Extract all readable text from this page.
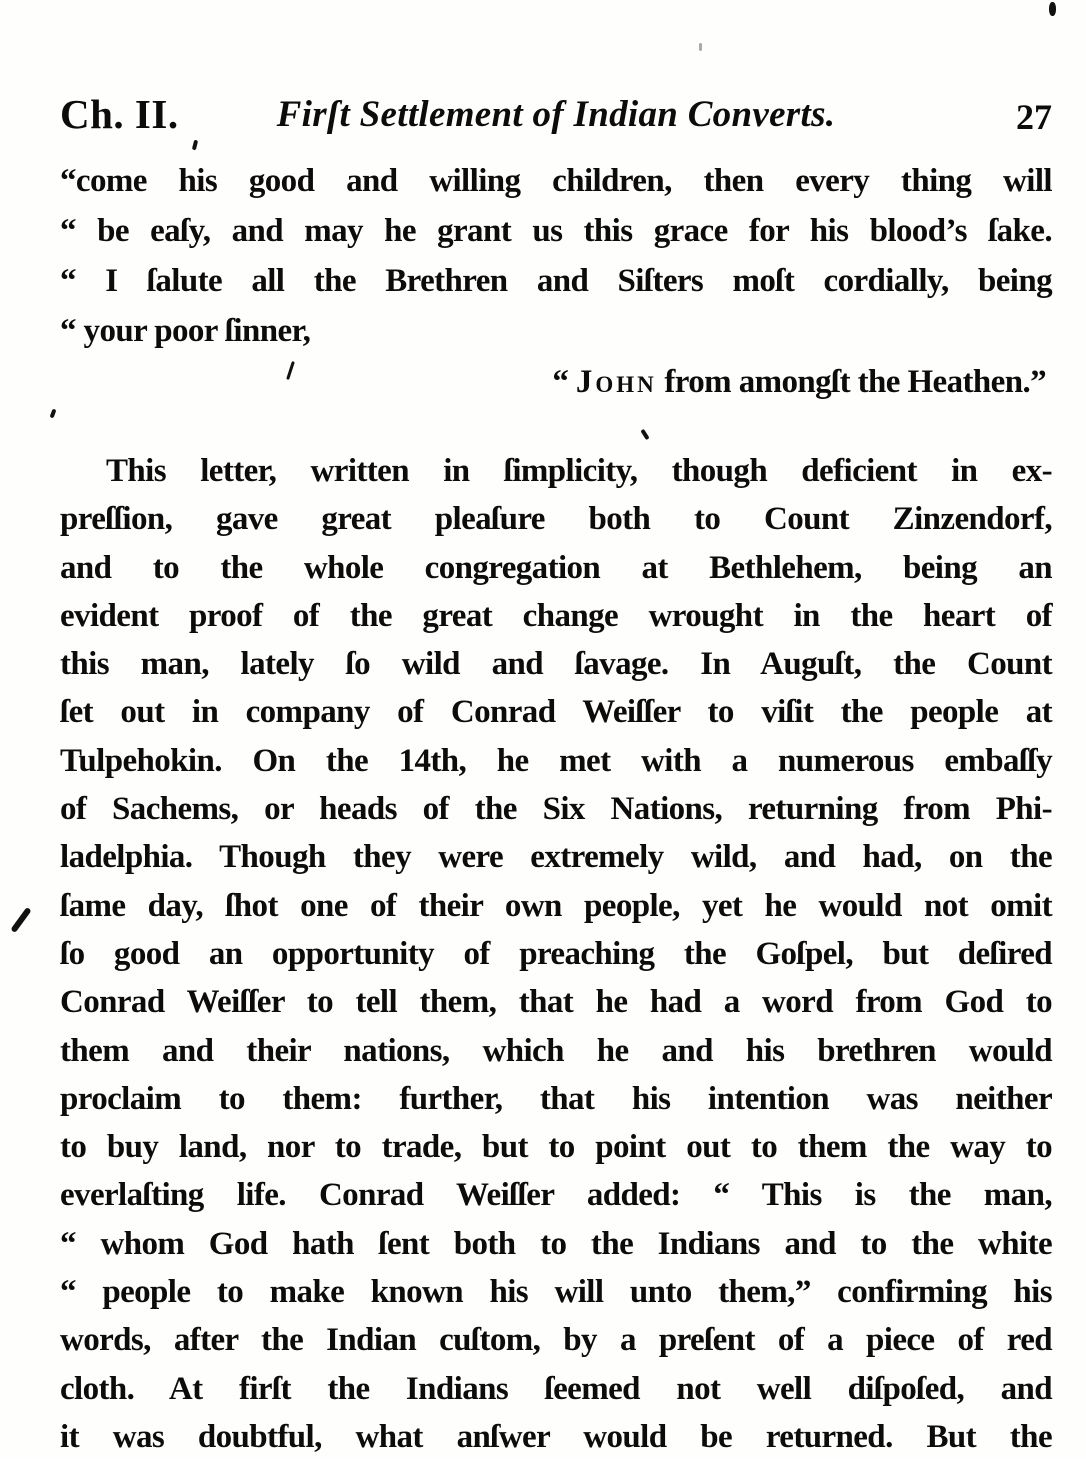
Ch. II.	Firſt Settlement of Indian Converts.	27
“come his good and willing children, then every thing will
“ be eaſy, and may he grant us this grace for his blood’s ſake.
“ I ſalute all the Brethren and Siſters moſt cordially, being
“ your poor ſinner,
“ John from amongſt the Heathen.”
This letter, written in ſimplicity, though deficient in ex-
preſſion, gave great pleaſure both to Count Zinzendorf,
and to the whole congregation at Bethlehem, being an
evident proof of the great change wrought in the heart of
this man, lately ſo wild and ſavage. In Auguſt, the Count
ſet out in company of Conrad Weiſſer to viſit the people at
Tulpehokin. On the 14th, he met with a numerous embaſſy
of Sachems, or heads of the Six Nations, returning from Phi-
ladelphia. Though they were extremely wild, and had, on the
ſame day, ſhot one of their own people, yet he would not omit
ſo good an opportunity of preaching the Goſpel, but deſired
Conrad Weiſſer to tell them, that he had a word from God to
them and their nations, which he and his brethren would
proclaim to them: further, that his intention was neither
to buy land, nor to trade, but to point out to them the way to
everlaſting life. Conrad Weiſſer added: “ This is the man,
“ whom God hath ſent both to the Indians and to the white
“ people to make known his will unto them,” confirming his
words, after the Indian cuſtom, by a preſent of a piece of red
cloth. At firſt the Indians ſeemed not well diſpoſed, and
it was doubtful, what anſwer would be returned. But the
